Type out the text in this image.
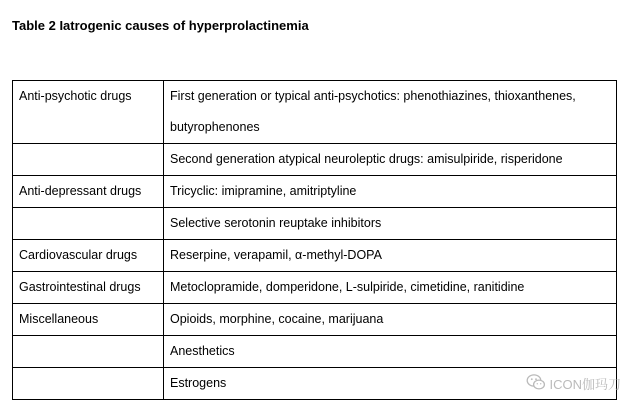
Table 2 Iatrogenic causes of hyperprolactinemia
Anti-psychotic drugs	First generation or typical anti-psychotics: phenothiazines, thioxanthenes,
butyrophenones

	Second generation atypical neuroleptic drugs: amisulpiride, risperidone
Anti-depressant drugs	Tricyclic: imipramine, amitriptyline
	Selective serotonin reuptake inhibitors
Cardiovascular drugs	Reserpine, verapamil, α-methyl-DOPA
Gastrointestinal drugs	Metoclopramide, domperidone, L-sulpiride, cimetidine, ranitidine
Miscellaneous	Opioids, morphine, cocaine, marijuana
	Anesthetics
	Estrogens	ICON伽玛刀
